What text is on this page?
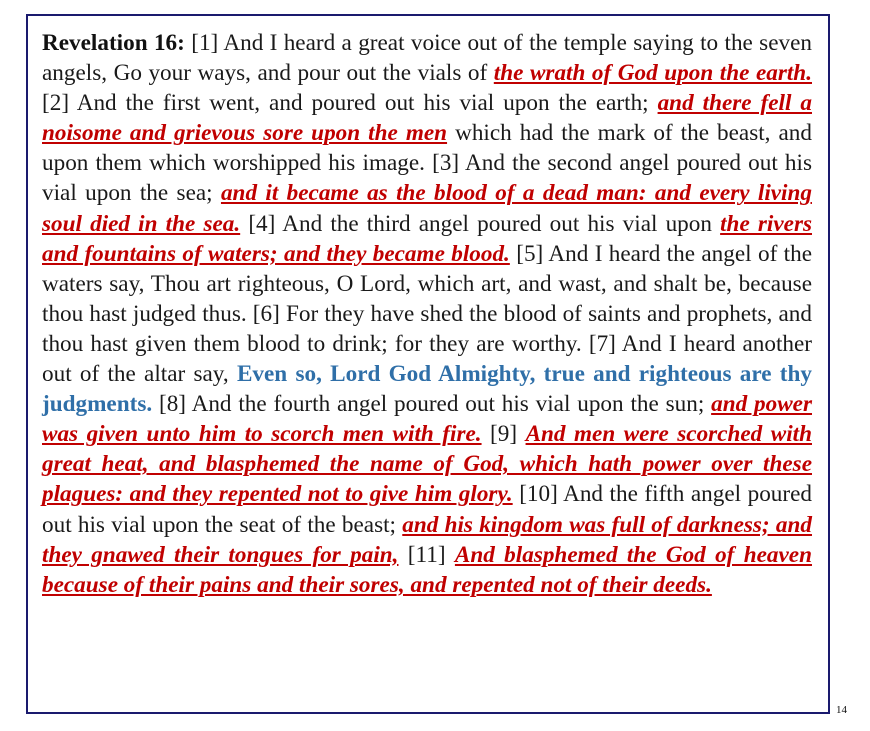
Revelation 16: [1] And I heard a great voice out of the temple saying to the seven angels, Go your ways, and pour out the vials of the wrath of God upon the earth. [2] And the first went, and poured out his vial upon the earth; and there fell a noisome and grievous sore upon the men which had the mark of the beast, and upon them which worshipped his image. [3] And the second angel poured out his vial upon the sea; and it became as the blood of a dead man: and every living soul died in the sea. [4] And the third angel poured out his vial upon the rivers and fountains of waters; and they became blood. [5] And I heard the angel of the waters say, Thou art righteous, O Lord, which art, and wast, and shalt be, because thou hast judged thus. [6] For they have shed the blood of saints and prophets, and thou hast given them blood to drink; for they are worthy. [7] And I heard another out of the altar say, Even so, Lord God Almighty, true and righteous are thy judgments. [8] And the fourth angel poured out his vial upon the sun; and power was given unto him to scorch men with fire. [9] And men were scorched with great heat, and blasphemed the name of God, which hath power over these plagues: and they repented not to give him glory. [10] And the fifth angel poured out his vial upon the seat of the beast; and his kingdom was full of darkness; and they gnawed their tongues for pain, [11] And blasphemed the God of heaven because of their pains and their sores, and repented not of their deeds.

14
